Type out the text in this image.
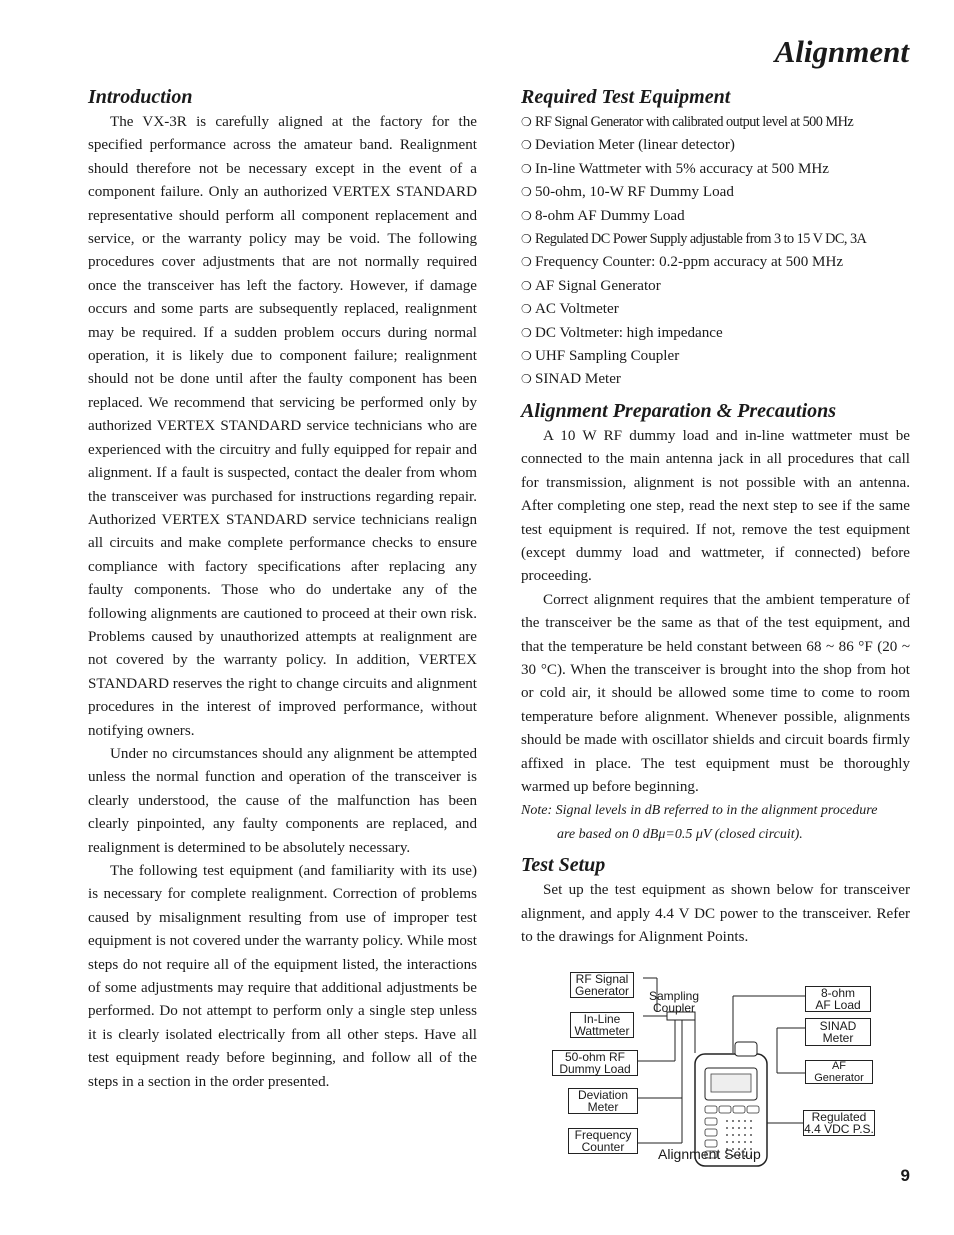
Alignment
Introduction

The VX-3R is carefully aligned at the factory for the specified performance across the amateur band. Realignment should therefore not be necessary except in the event of a component failure. Only an authorized VERTEX STANDARD representative should perform all component replacement and service, or the warranty policy may be void. The following procedures cover adjustments that are not normally required once the transceiver has left the factory. However, if damage occurs and some parts are subsequently replaced, realignment may be required. If a sudden problem occurs during normal operation, it is likely due to component failure; realignment should not be done until after the faulty component has been replaced. We recommend that servicing be performed only by authorized VERTEX STANDARD service technicians who are experienced with the circuitry and fully equipped for repair and alignment. If a fault is suspected, contact the dealer from whom the transceiver was purchased for instructions regarding repair. Authorized VERTEX STANDARD service technicians realign all circuits and make complete performance checks to ensure compliance with factory specifications after replacing any faulty components. Those who do undertake any of the following alignments are cautioned to proceed at their own risk. Problems caused by unauthorized attempts at realignment are not covered by the warranty policy. In addition, VERTEX STANDARD reserves the right to change circuits and alignment procedures in the interest of improved performance, without notifying owners.

Under no circumstances should any alignment be attempted unless the normal function and operation of the transceiver is clearly understood, the cause of the malfunction has been clearly pinpointed, any faulty components are replaced, and realignment is determined to be absolutely necessary.

The following test equipment (and familiarity with its use) is necessary for complete realignment. Correction of problems caused by misalignment resulting from use of improper test equipment is not covered under the warranty policy. While most steps do not require all of the equipment listed, the interactions of some adjustments may require that additional adjustments be performed. Do not attempt to perform only a single step unless it is clearly isolated electrically from all other steps. Have all test equipment ready before beginning, and follow all of the steps in a section in the order presented.

Required Test Equipment
❍ RF Signal Generator with calibrated output level at 500 MHz
❍ Deviation Meter (linear detector)
❍ In-line Wattmeter with 5% accuracy at 500 MHz
❍ 50-ohm, 10-W RF Dummy Load
❍ 8-ohm AF Dummy Load
❍ Regulated DC Power Supply adjustable from 3 to 15 V DC, 3A
❍ Frequency Counter: 0.2-ppm accuracy at 500 MHz
❍ AF Signal Generator
❍ AC Voltmeter
❍ DC Voltmeter: high impedance
❍ UHF Sampling Coupler
❍ SINAD Meter
Alignment Preparation & Precautions

A 10 W RF dummy load and in-line wattmeter must be connected to the main antenna jack in all procedures that call for transmission, alignment is not possible with an antenna. After completing one step, read the next step to see if the same test equipment is required. If not, remove the test equipment (except dummy load and wattmeter, if connected) before proceeding.

Correct alignment requires that the ambient temperature of the transceiver be the same as that of the test equipment, and that the temperature be held constant between 68 ~ 86 °F (20 ~ 30 °C). When the transceiver is brought into the shop from hot or cold air, it should be allowed some time to come to room temperature before alignment. Whenever possible, alignments should be made with oscillator shields and circuit boards firmly affixed in place. The test equipment must be thoroughly warmed up before beginning.

Note: Signal levels in dB referred to in the alignment procedure

are based on 0 dBμ=0.5 μV (closed circuit).

Test Setup

Set up the test equipment as shown below for transceiver alignment, and apply 4.4 V DC power to the transceiver. Refer to the drawings for Alignment Points.

RF Signal
Generator
In-Line
Wattmeter
50-ohm RF
Dummy Load
Deviation
Meter
Frequency
Counter
Sampling
Coupler
8-ohm
AF Load
SINAD
Meter
AF Generator
Regulated
4.4 VDC P.S.
Alignment Setup
9
